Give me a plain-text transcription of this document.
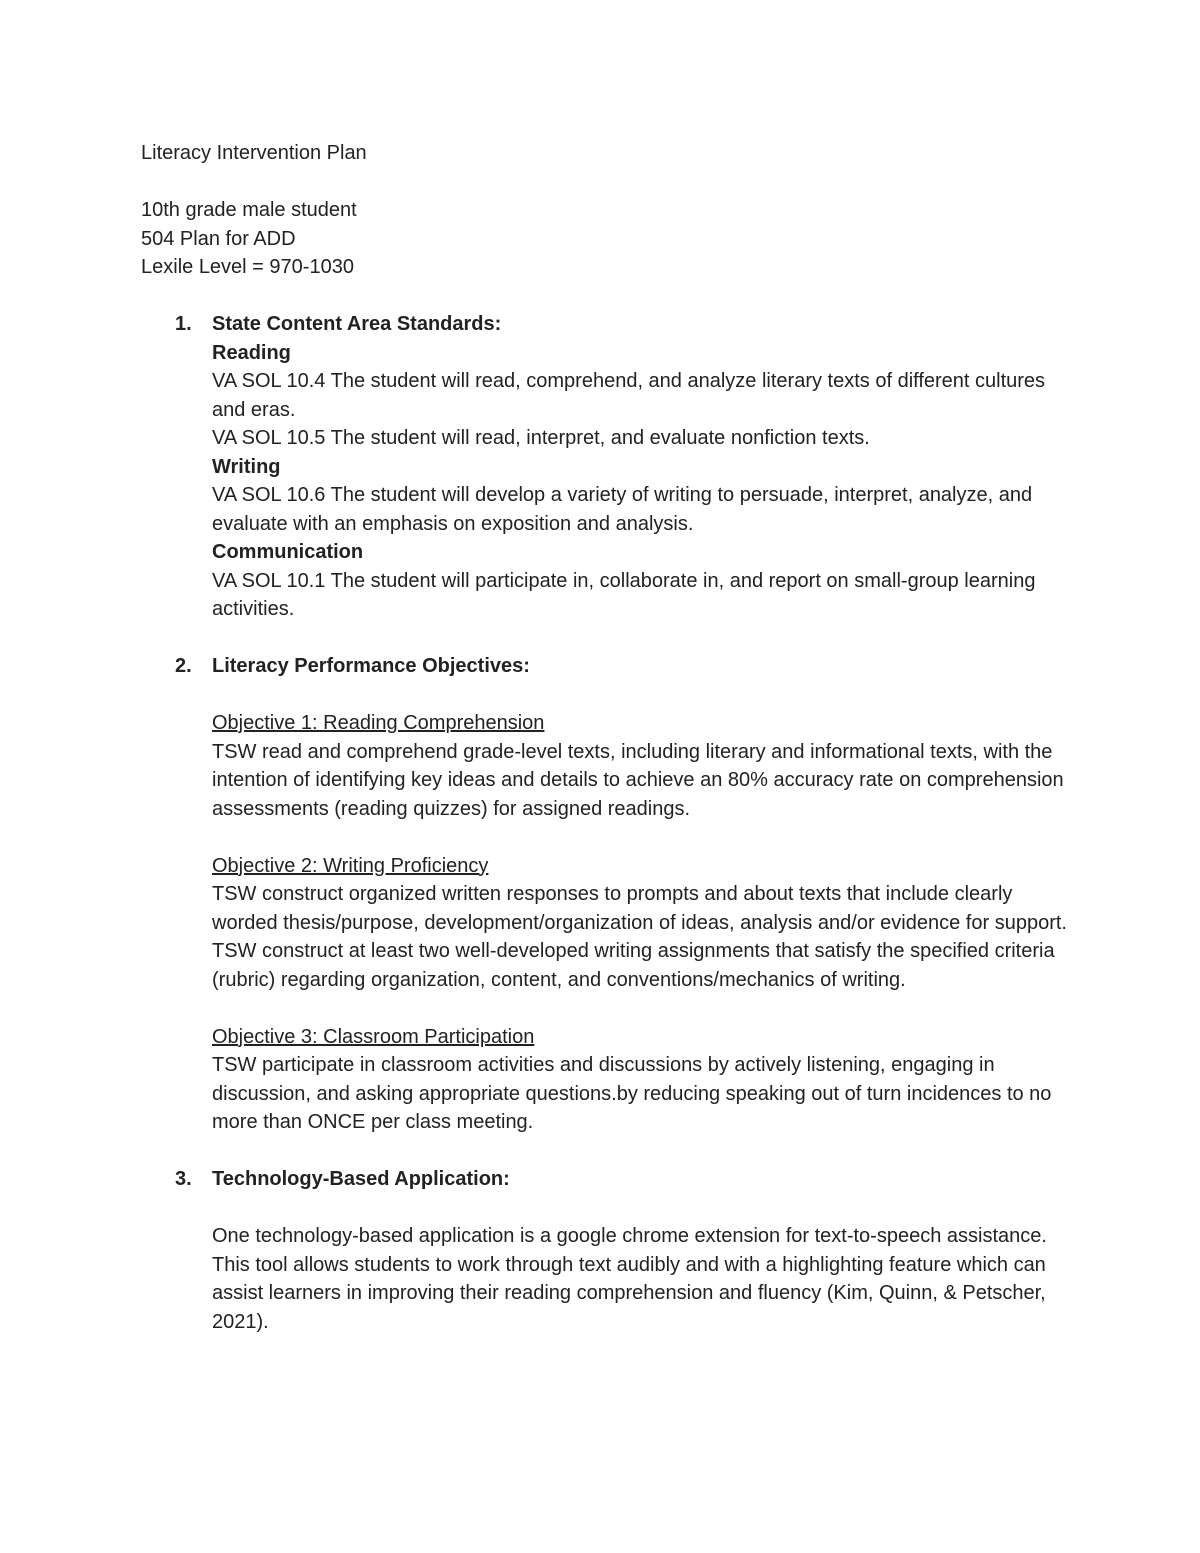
Literacy Intervention Plan

10th grade male student

504 Plan for ADD

Lexile Level = 970-1030

1. State Content Area Standards:

Reading

VA SOL 10.4 The student will read, comprehend, and analyze literary texts of different cultures and eras.

VA SOL 10.5 The student will read, interpret, and evaluate nonfiction texts.

Writing

VA SOL 10.6 The student will develop a variety of writing to persuade, interpret, analyze, and evaluate with an emphasis on exposition and analysis.

Communication

VA SOL 10.1 The student will participate in, collaborate in, and report on small-group learning activities.

2. Literacy Performance Objectives:

Objective 1: Reading Comprehension

TSW read and comprehend grade-level texts, including literary and informational texts, with the intention of identifying key ideas and details to achieve an 80% accuracy rate on comprehension assessments (reading quizzes) for assigned readings.

Objective 2: Writing Proficiency

TSW construct organized written responses to prompts and about texts that include clearly worded thesis/purpose, development/organization of ideas, analysis and/or evidence for support. TSW construct at least two well-developed writing assignments that satisfy the specified criteria (rubric) regarding organization, content, and conventions/mechanics of writing.

Objective 3: Classroom Participation

TSW participate in classroom activities and discussions by actively listening, engaging in discussion, and asking appropriate questions.by reducing speaking out of turn incidences to no more than ONCE per class meeting.

3. Technology-Based Application:

One technology-based application is a google chrome extension for text-to-speech assistance. This tool allows students to work through text audibly and with a highlighting feature which can assist learners in improving their reading comprehension and fluency (Kim, Quinn, & Petscher, 2021).
